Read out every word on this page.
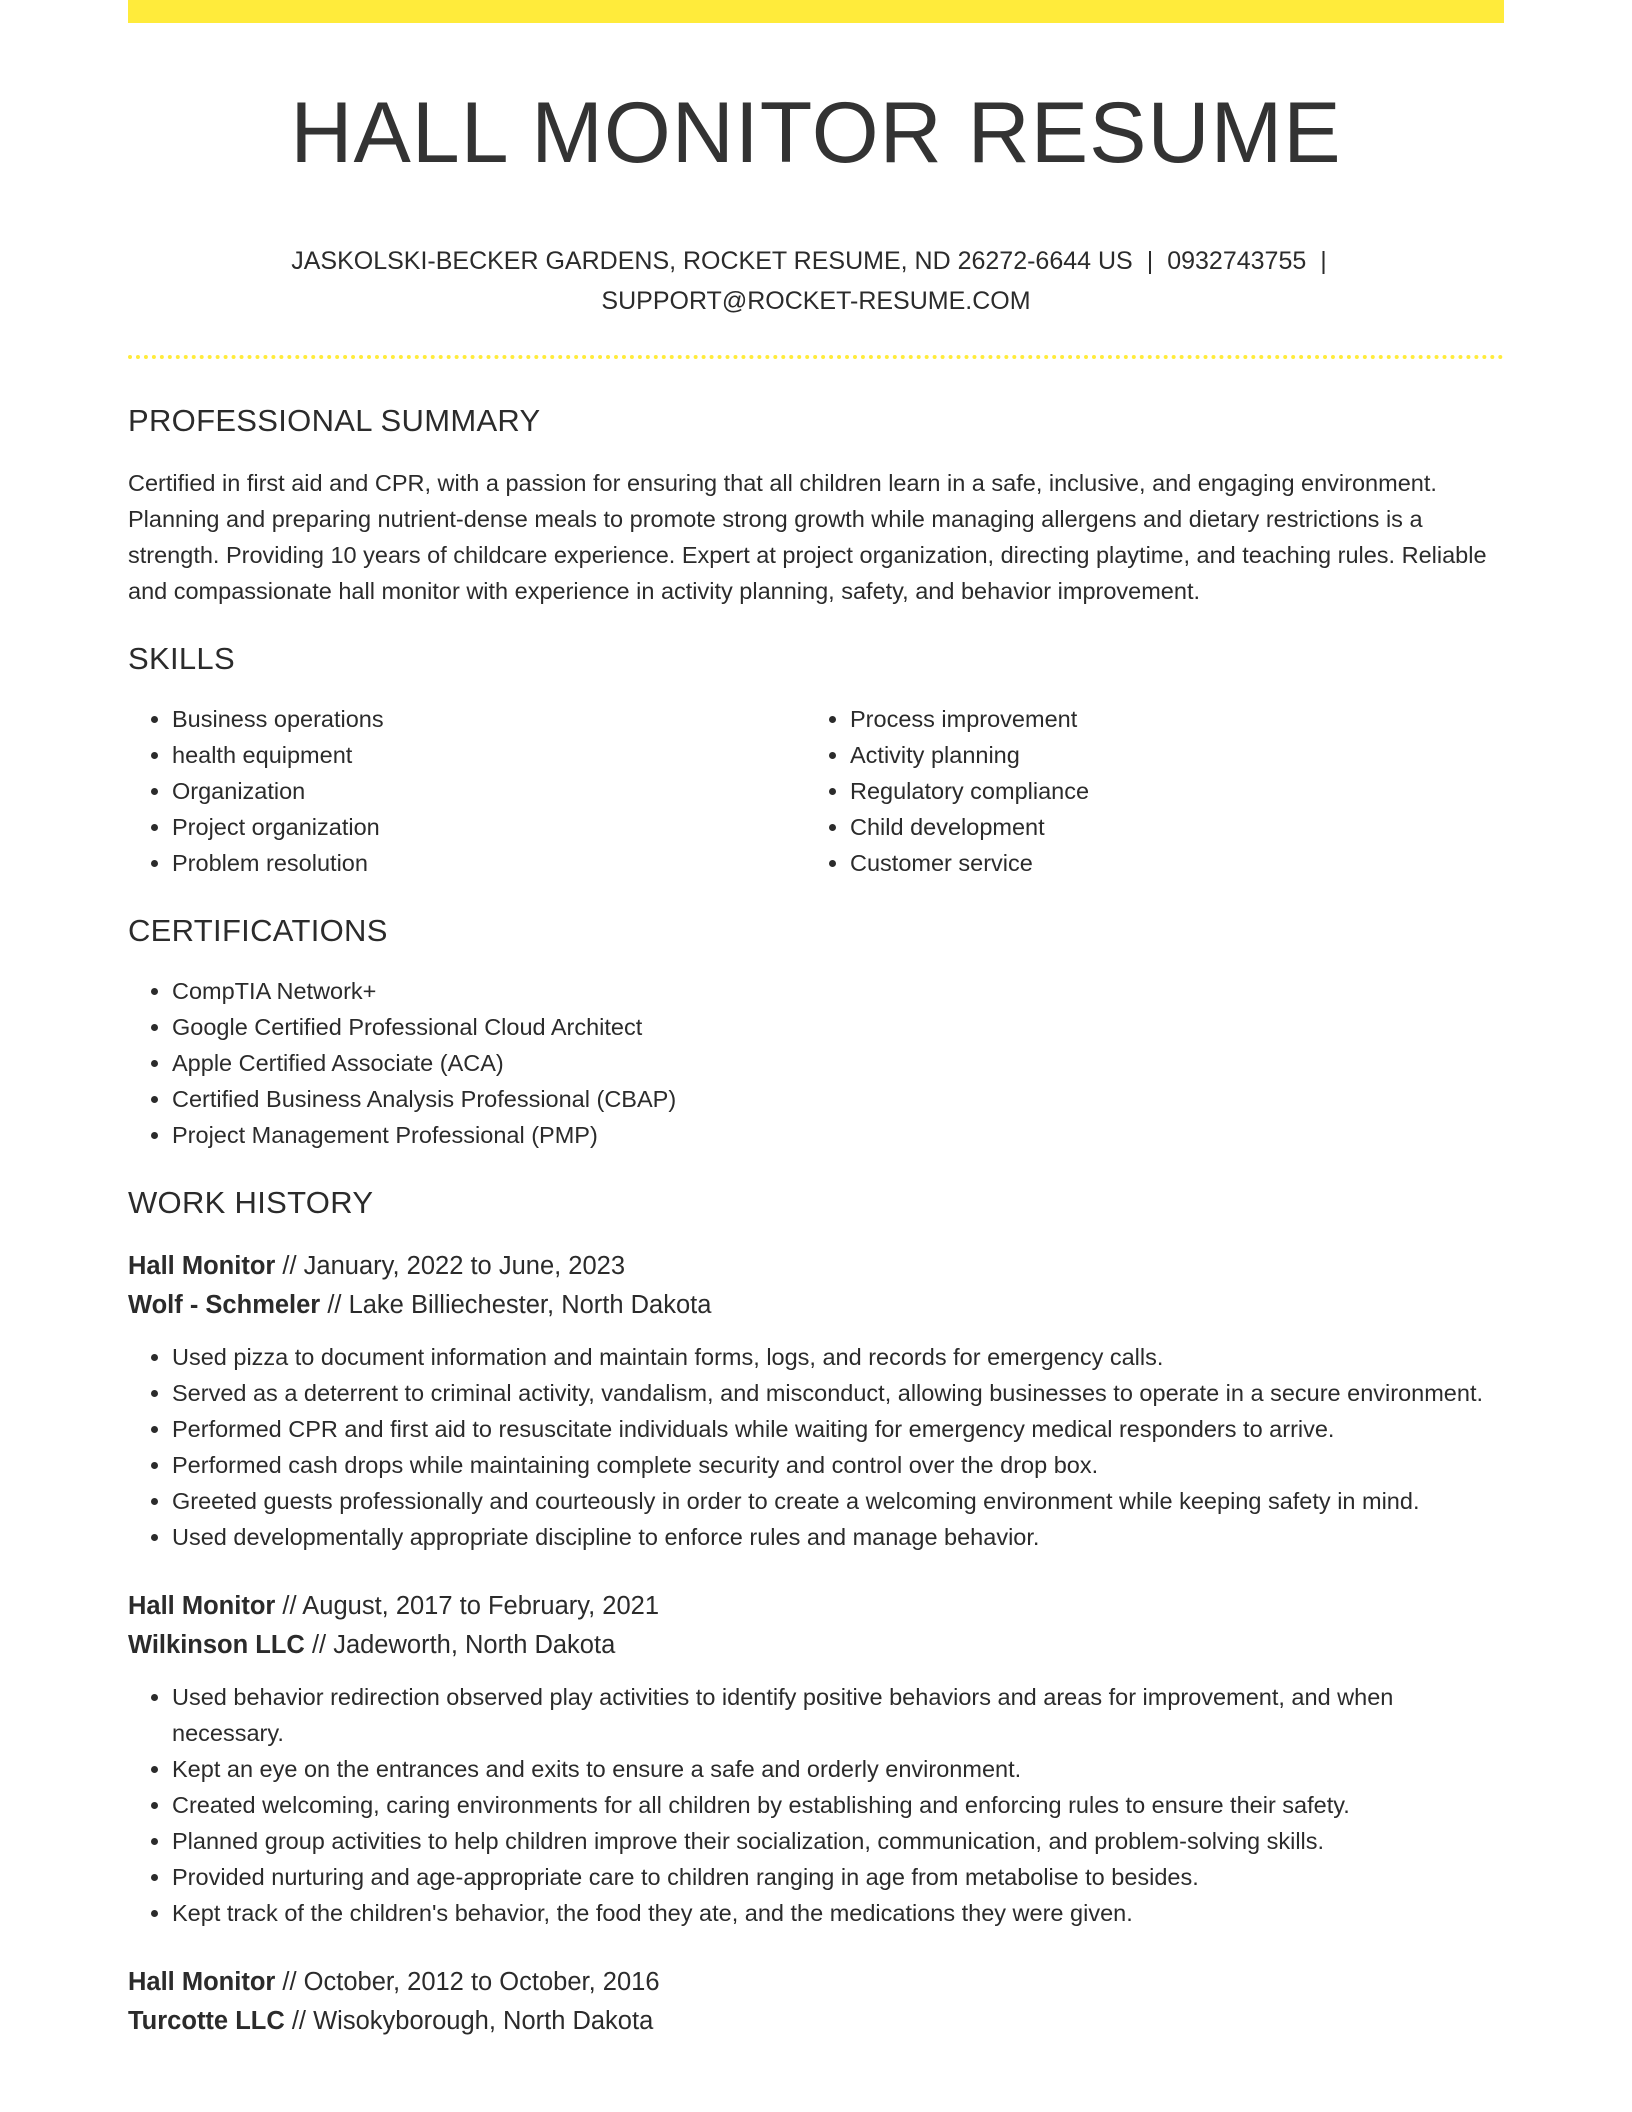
HALL MONITOR RESUME
JASKOLSKI-BECKER GARDENS, ROCKET RESUME, ND 26272-6644 US | 0932743755 |
SUPPORT@ROCKET-RESUME.COM
PROFESSIONAL SUMMARY
Certified in first aid and CPR, with a passion for ensuring that all children learn in a safe, inclusive, and engaging environment. Planning and preparing nutrient-dense meals to promote strong growth while managing allergens and dietary restrictions is a strength. Providing 10 years of childcare experience. Expert at project organization, directing playtime, and teaching rules. Reliable and compassionate hall monitor with experience in activity planning, safety, and behavior improvement.
SKILLS
• Business operations
• health equipment
• Organization
• Project organization
• Problem resolution
• Process improvement
• Activity planning
• Regulatory compliance
• Child development
• Customer service
CERTIFICATIONS
• CompTIA Network+
• Google Certified Professional Cloud Architect
• Apple Certified Associate (ACA)
• Certified Business Analysis Professional (CBAP)
• Project Management Professional (PMP)
WORK HISTORY
Hall Monitor // January, 2022 to June, 2023
Wolf - Schmeler // Lake Billiechester, North Dakota
• Used pizza to document information and maintain forms, logs, and records for emergency calls.
• Served as a deterrent to criminal activity, vandalism, and misconduct, allowing businesses to operate in a secure environment.
• Performed CPR and first aid to resuscitate individuals while waiting for emergency medical responders to arrive.
• Performed cash drops while maintaining complete security and control over the drop box.
• Greeted guests professionally and courteously in order to create a welcoming environment while keeping safety in mind.
• Used developmentally appropriate discipline to enforce rules and manage behavior.
Hall Monitor // August, 2017 to February, 2021
Wilkinson LLC // Jadeworth, North Dakota
• Used behavior redirection observed play activities to identify positive behaviors and areas for improvement, and when necessary.
• Kept an eye on the entrances and exits to ensure a safe and orderly environment.
• Created welcoming, caring environments for all children by establishing and enforcing rules to ensure their safety.
• Planned group activities to help children improve their socialization, communication, and problem-solving skills.
• Provided nurturing and age-appropriate care to children ranging in age from metabolise to besides.
• Kept track of the children's behavior, the food they ate, and the medications they were given.
Hall Monitor // October, 2012 to October, 2016
Turcotte LLC // Wisokyborough, North Dakota
